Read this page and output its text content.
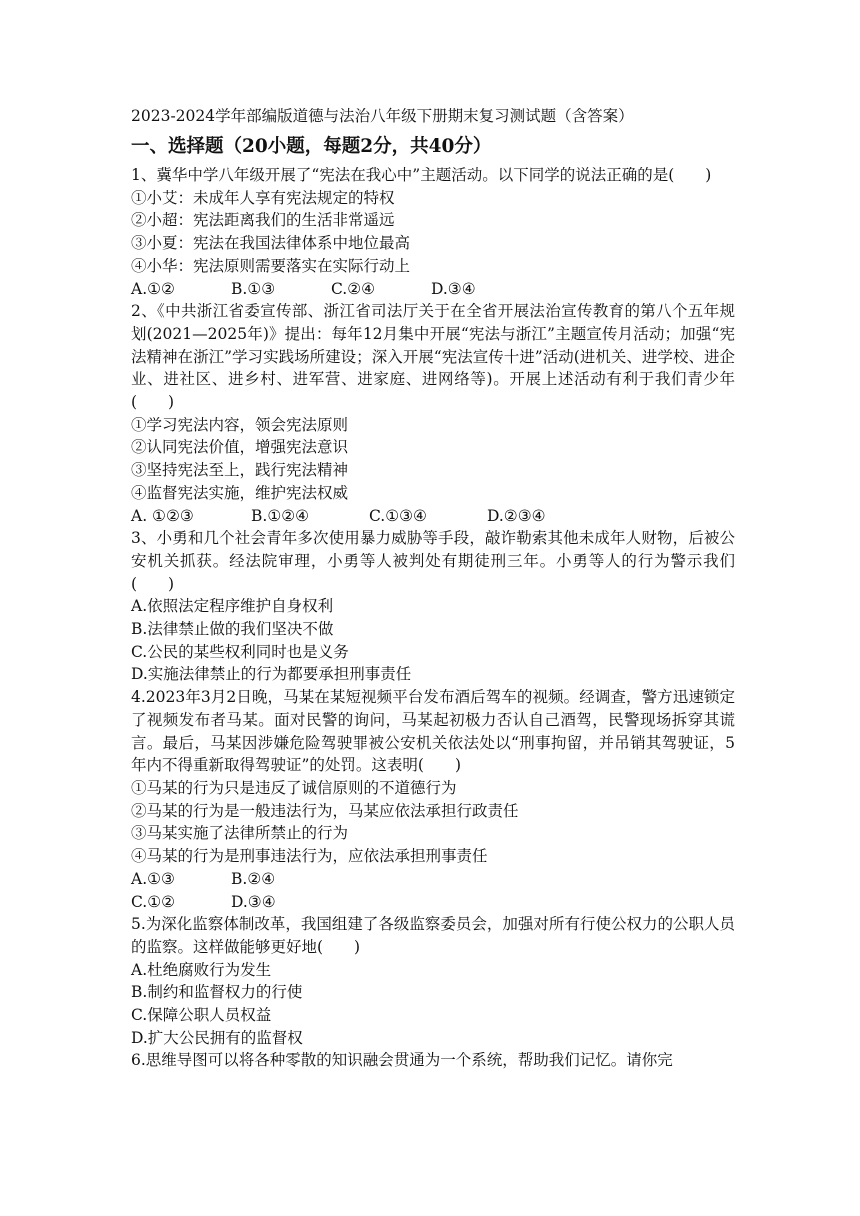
2023-2024学年部编版道德与法治八年级下册期末复习测试题（含答案）

一、选择题（20小题，每题2分，共40分）

1、冀华中学八年级开展了“宪法在我心中”主题活动。以下同学的说法正确的是(　　)

①小艾：未成年人享有宪法规定的特权

②小超：宪法距离我们的生活非常遥远

③小夏：宪法在我国法律体系中地位最高

④小华：宪法原则需要落实在实际行动上

A.①②	B.①③	C.②④	D.③④

2、《中共浙江省委宣传部、浙江省司法厅关于在全省开展法治宣传教育的第八个五年规划(2021—2025年)》提出：每年12月集中开展“宪法与浙江”主题宣传月活动；加强“宪法精神在浙江”学习实践场所建设；深入开展“宪法宣传十进”活动(进机关、进学校、进企业、进社区、进乡村、进军营、进家庭、进网络等)。开展上述活动有利于我们青少年(　　)

①学习宪法内容，领会宪法原则

②认同宪法价值，增强宪法意识

③坚持宪法至上，践行宪法精神

④监督宪法实施，维护宪法权威

A. ①②③	B.①②④	C.①③④	D.②③④

3、小勇和几个社会青年多次使用暴力威胁等手段，敲诈勒索其他未成年人财物，后被公安机关抓获。经法院审理，小勇等人被判处有期徒刑三年。小勇等人的行为警示我们(　　)

A.依照法定程序维护自身权利

B.法律禁止做的我们坚决不做

C.公民的某些权利同时也是义务

D.实施法律禁止的行为都要承担刑事责任

4.2023年3月2日晚，马某在某短视频平台发布酒后驾车的视频。经调查，警方迅速锁定了视频发布者马某。面对民警的询问，马某起初极力否认自己酒驾，民警现场拆穿其谎言。最后，马某因涉嫌危险驾驶罪被公安机关依法处以“刑事拘留，并吊销其驾驶证，5年内不得重新取得驾驶证”的处罚。这表明(　　)

①马某的行为只是违反了诚信原则的不道德行为

②马某的行为是一般违法行为，马某应依法承担行政责任

③马某实施了法律所禁止的行为

④马某的行为是刑事违法行为，应依法承担刑事责任

A.①③	B.②④
C.①②	D.③④

5.为深化监察体制改革，我国组建了各级监察委员会，加强对所有行使公权力的公职人员的监察。这样做能够更好地(　　)

A.杜绝腐败行为发生

B.制约和监督权力的行使

C.保障公职人员权益

D.扩大公民拥有的监督权

6.思维导图可以将各种零散的知识融会贯通为一个系统，帮助我们记忆。请你完
